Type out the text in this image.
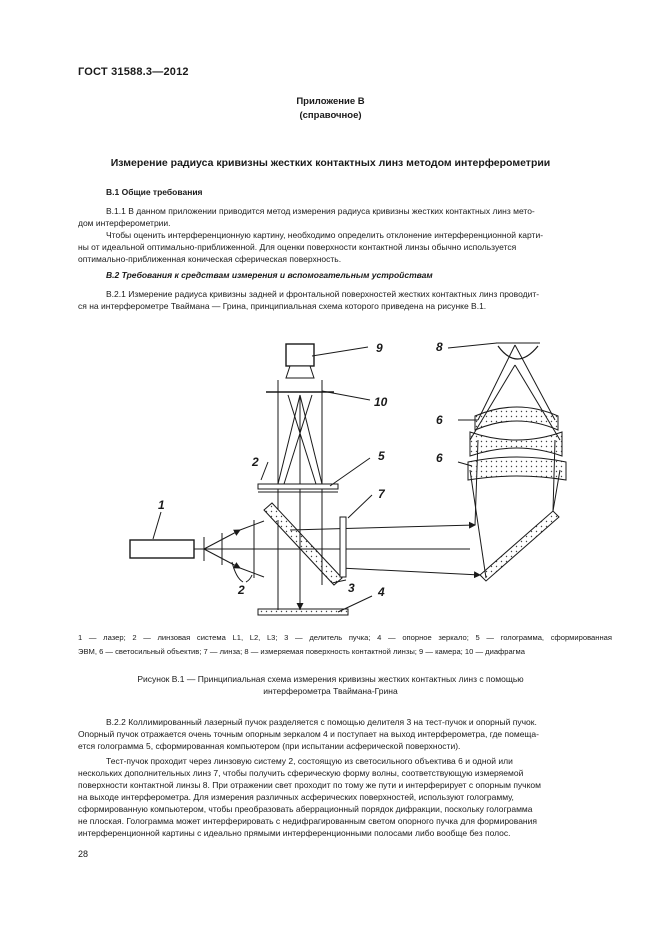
ГОСТ 31588.3—2012
Приложение В
(справочное)
Измерение радиуса кривизны жестких контактных линз методом интерферометрии
В.1 Общие требования
В.1.1 В данном приложении приводится метод измерения радиуса кривизны жестких контактных линз мето-
дом интерферометрии.
Чтобы оценить интерференционную картину, необходимо определить отклонение интерференционной карти-
ны от идеальной оптимально-приближенной. Для оценки поверхности контактной линзы обычно используется
оптимально-приближенная коническая сферическая поверхность.
В.2 Требования к средствам измерения и вспомогательным устройствам
В.2.1 Измерение радиуса кривизны задней и фронтальной поверхностей жестких контактных линз проводит-
ся на интерферометре Тваймана — Грина, принципиальная схема которого приведена на рисунке В.1.
1
2
2	3 4
5
6
6
7
8
9
10
1 — лазер; 2 — линзовая система L1, L2, L3; 3 — делитель пучка; 4 — опорное зеркало; 5 — голограмма, сформированная
ЭВМ, 6 — светосильный объектив; 7 — линза; 8 — измеряемая поверхность контактной линзы; 9 — камера; 10 — диафрагма
Рисунок В.1 — Принципиальная схема измерения кривизны жестких контактных линз с помощью
интерферометра Тваймана-Грина
В.2.2 Коллимированный лазерный пучок разделяется с помощью делителя 3 на тест-пучок и опорный пучок.
Опорный пучок отражается очень точным опорным зеркалом 4 и поступает на выход интерферометра, где помеща-
ется голограмма 5, сформированная компьютером (при испытании асферической поверхности).
Тест-пучок проходит через линзовую систему 2, состоящую из светосильного объектива 6 и одной или
нескольких дополнительных линз 7, чтобы получить сферическую форму волны, соответствующую измеряемой
поверхности контактной линзы 8. При отражении свет проходит по тому же пути и интерферирует с опорным пучком
на выходе интерферометра. Для измерения различных асферических поверхностей, используют голограмму,
сформированную компьютером, чтобы преобразовать аберрационный порядок дифракции, поскольку голограмма
не плоская. Голограмма может интерферировать с недифрагированным светом опорного пучка для формирования
интерференционной картины с идеально прямыми интерференционными полосами либо вообще без полос.
28
